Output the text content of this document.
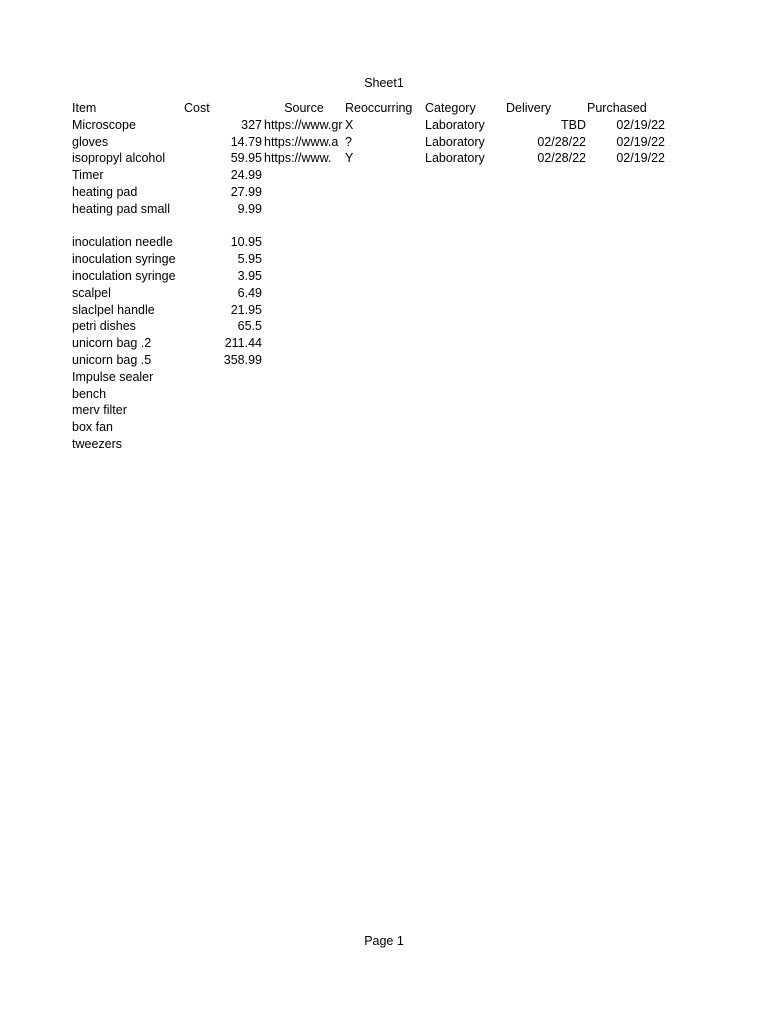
Sheet1
Item	Cost	Source	Reoccurring	Category	Delivery	Purchased
Microscope	327 https://www.gr X	Laboratory	TBD	02/19/22
gloves	14.79 https://www.a ?	Laboratory	02/28/22	02/19/22
isopropyl alcohol	59.95 https://www.	Y	Laboratory	02/28/22	02/19/22
Timer	24.99
heating pad	27.99
heating pad small	9.99
inoculation needle	10.95
inoculation syringe	5.95
inoculation syringe	3.95
scalpel	6.49
slaclpel handle	21.95
petri dishes	65.5
unicorn bag .2	211.44
unicorn bag .5	358.99
Impulse sealer
bench
merv filter
box fan
tweezers
Page 1
